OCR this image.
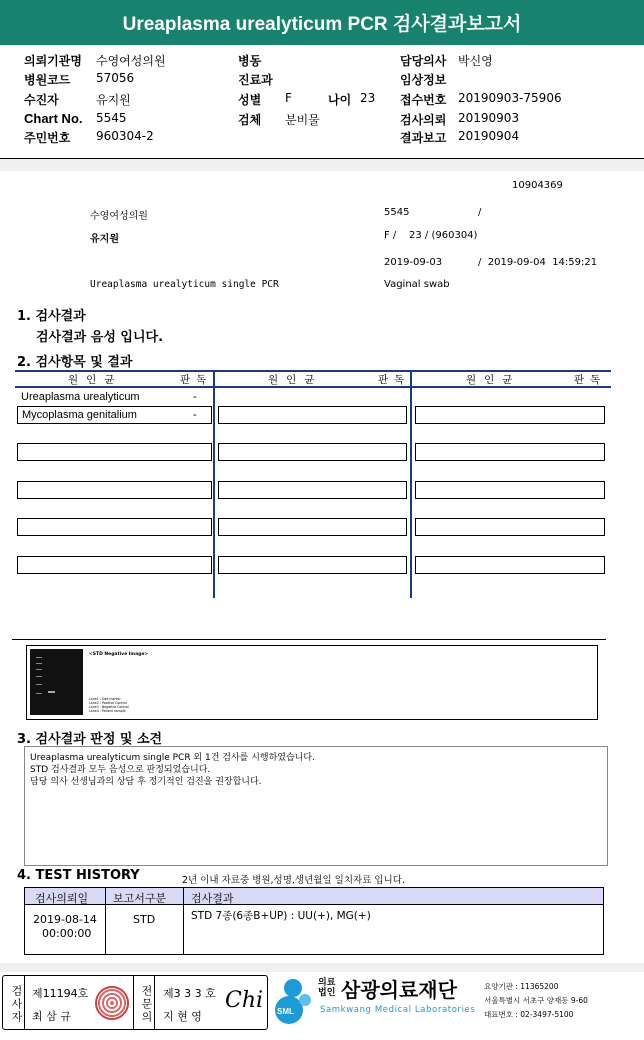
Ureaplasma urealyticum PCR 검사결과보고서
의뢰기관명 수영여성의원
병원코드 57056
수진자	유지원
Chart No. 5545
주민번호 960304-2
병동
진료과
성별 F	나이 23
검체 분비물
담당의사 박신영
임상정보
접수번호 20190903-75906
검사의뢰 20190903
결과보고 20190904
10904369
수영여성의원	5545	/
유지원	F /    23 / (960304)
2019-09-03	/  2019-09-04  14:59:21
Ureaplasma urealyticum single PCR	Vaginal swab
1. 검사결과
검사결과 음성 입니다.
2. 검사항목 및 결과
원인균	판독	원인균	판독	원인균	판독
Ureaplasma urealyticum	-
Mycoplasma genitalium	-
<STD Negative Image>
Lane1 : Size marker
Lane2 : Positive Control
Lane3 : Negative Control
Lane4 : Patient sample
3. 검사결과 판정 및 소견
Ureaplasma urealyticum single PCR 외 1건 검사를 시행하였습니다.
STD 검사결과 모두 음성으로 판정되었습니다.
담당 의사 선생님과의 상담 후 정기적인 검진을 권장합니다.
4. TEST HISTORY	2년 이내 자료중 병원,성명,생년월일 일치자료 입니다.
검사의뢰일 보고서구분 검사결과
2019-08-14
00:00:00
STD	STD 7종(6종B+UP) : UU(+), MG(+)
검사자 제11194호
최 삼 규	전문의 제3 3 3 호
지 현 영
Chi SML
의료
법인 삼광의료재단
Samkwang Medical Laboratories
요양기관 : 11365200
서울특별시 서초구 양재동 9-60
대표번호 : 02-3497-5100
